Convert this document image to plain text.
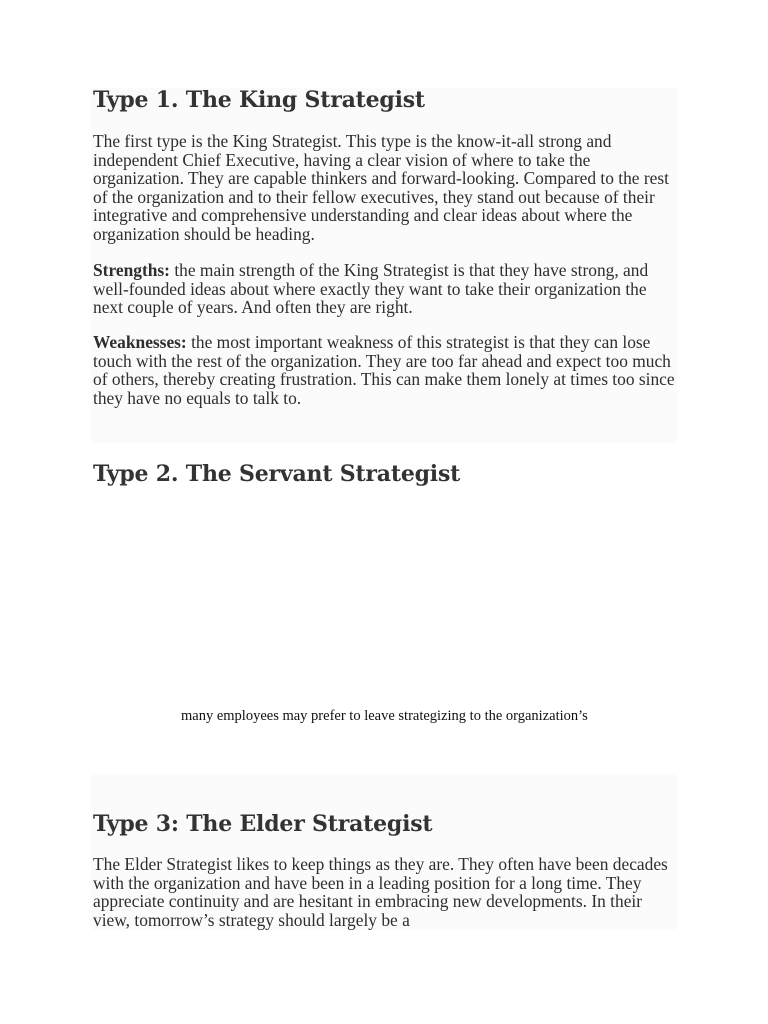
Type 1. The King Strategist

The first type is the King Strategist. This type is the know-it-all strong and independent Chief Executive, having a clear vision of where to take the organization. They are capable thinkers and forward-looking. Compared to the rest of the organization and to their fellow executives, they stand out because of their integrative and comprehensive understanding and clear ideas about where the organization should be heading.

Strengths: the main strength of the King Strategist is that they have strong, and well-founded ideas about where exactly they want to take their organization the next couple of years. And often they are right.

Weaknesses: the most important weakness of this strategist is that they can lose touch with the rest of the organization. They are too far ahead and expect too much of others, thereby creating frustration. This can make them lonely at times too since they have no equals to talk to.

Type 2. The Servant Strategist
many employees may prefer to leave strategizing to the organization’s
Type 3: The Elder Strategist

The Elder Strategist likes to keep things as they are. They often have been decades with the organization and have been in a leading position for a long time. They appreciate continuity and are hesitant in embracing new developments. In their view, tomorrow’s strategy should largely be a
